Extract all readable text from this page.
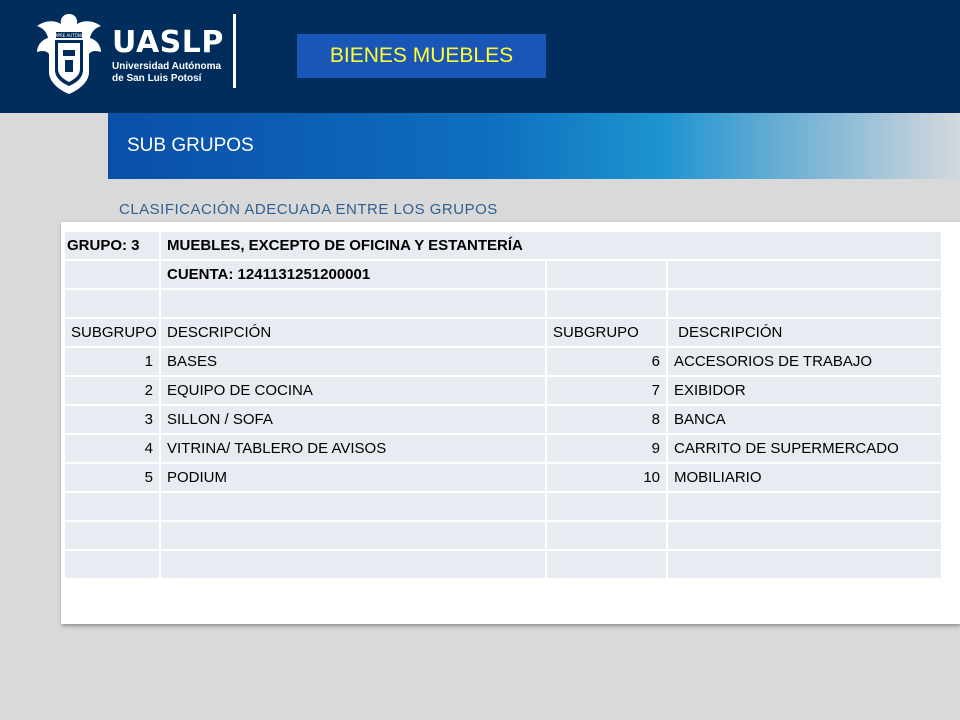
SIEMPRE AUTÓNOMA UASLP
Universidad Autónoma
de San Luis Potosí
BIENES MUEBLES
SUB GRUPOS
CLASIFICACIÓN ADECUADA ENTRE LOS GRUPOS
GRUPO: 3	MUEBLES, EXCEPTO DE OFICINA Y ESTANTERÍA		
	CUENTA: 1241131251200001		

SUBGRUPO	DESCRIPCIÓN	SUBGRUPO	DESCRIPCIÓN
1	BASES	6	ACCESORIOS DE TRABAJO
2	EQUIPO DE COCINA	7	EXIBIDOR
3	SILLON / SOFA	8	BANCA
4	VITRINA/ TABLERO DE AVISOS	9	CARRITO DE SUPERMERCADO
5	PODIUM	10	MOBILIARIO
